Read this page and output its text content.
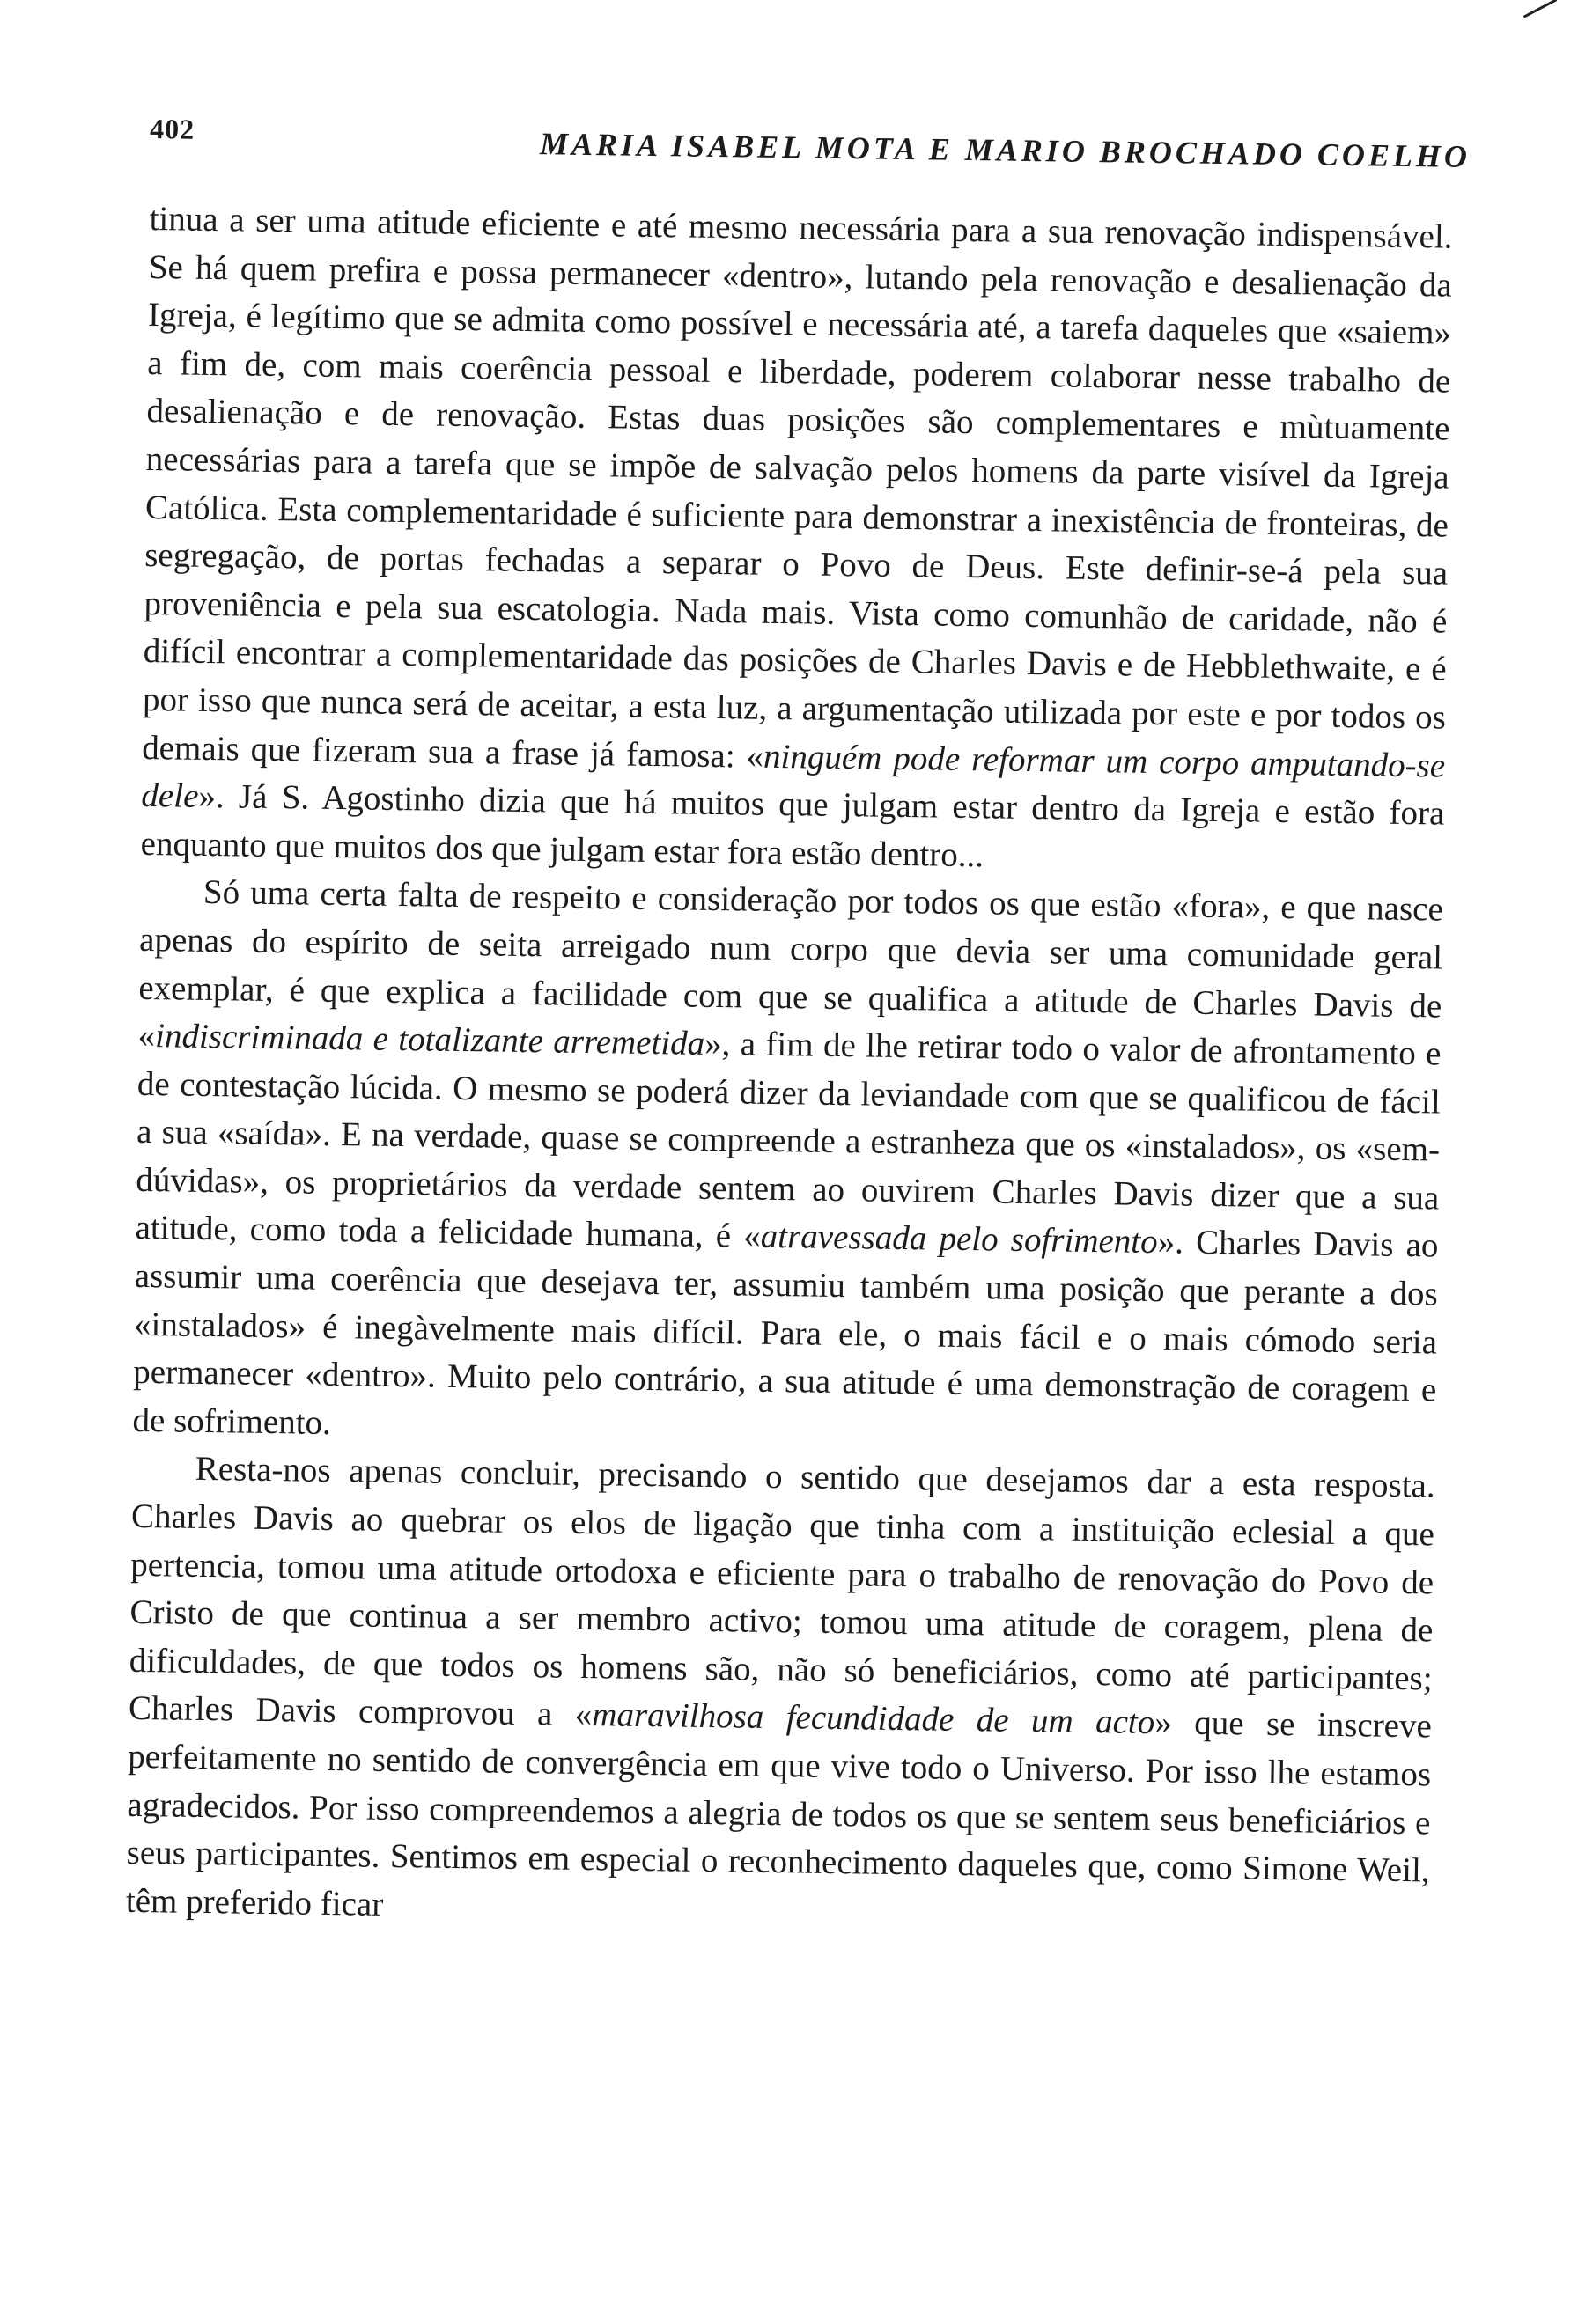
402	MARIA ISABEL MOTA E MARIO BROCHADO COELHO

tinua a ser uma atitude eficiente e até mesmo necessária para a sua renovação indispensável. Se há quem prefira e possa permanecer «dentro», lutando pela renovação e desalienação da Igreja, é legítimo que se admita como possível e necessária até, a tarefa daqueles que «saiem» a fim de, com mais coerência pessoal e liberdade, poderem colaborar nesse trabalho de desalienação e de renovação. Estas duas posições são complementares e mùtuamente necessárias para a tarefa que se impõe de salvação pelos homens da parte visível da Igreja Católica. Esta complementaridade é suficiente para demonstrar a inexistência de fronteiras, de segregação, de portas fechadas a separar o Povo de Deus. Este definir-se-á pela sua proveniência e pela sua escatologia. Nada mais. Vista como comunhão de caridade, não é difícil encontrar a complementaridade das posições de Charles Davis e de Hebblethwaite, e é por isso que nunca será de aceitar, a esta luz, a argumentação utilizada por este e por todos os demais que fizeram sua a frase já famosa: «ninguém pode reformar um corpo amputando-se dele». Já S. Agostinho dizia que há muitos que julgam estar dentro da Igreja e estão fora enquanto que muitos dos que julgam estar fora estão dentro...

Só uma certa falta de respeito e consideração por todos os que estão «fora», e que nasce apenas do espírito de seita arreigado num corpo que devia ser uma comunidade geral exemplar, é que explica a facilidade com que se qualifica a atitude de Charles Davis de «indiscriminada e totalizante arremetida», a fim de lhe retirar todo o valor de afrontamento e de contestação lúcida. O mesmo se poderá dizer da leviandade com que se qualificou de fácil a sua «saída». E na verdade, quase se compreende a estranheza que os «instalados», os «sem-dúvidas», os proprietários da verdade sentem ao ouvirem Charles Davis dizer que a sua atitude, como toda a felicidade humana, é «atravessada pelo sofrimento». Charles Davis ao assumir uma coerência que desejava ter, assumiu também uma posição que perante a dos «instalados» é inegàvelmente mais difícil. Para ele, o mais fácil e o mais cómodo seria permanecer «dentro». Muito pelo contrário, a sua atitude é uma demonstração de coragem e de sofrimento.

Resta-nos apenas concluir, precisando o sentido que desejamos dar a esta resposta. Charles Davis ao quebrar os elos de ligação que tinha com a instituição eclesial a que pertencia, tomou uma atitude ortodoxa e eficiente para o trabalho de renovação do Povo de Cristo de que continua a ser membro activo; tomou uma atitude de coragem, plena de dificuldades, de que todos os homens são, não só beneficiários, como até participantes; Charles Davis comprovou a «maravilhosa fecundidade de um acto» que se inscreve perfeitamente no sentido de convergência em que vive todo o Universo. Por isso lhe estamos agradecidos. Por isso compreendemos a alegria de todos os que se sentem seus beneficiários e seus participantes. Sentimos em especial o reconhecimento daqueles que, como Simone Weil, têm preferido ficar
